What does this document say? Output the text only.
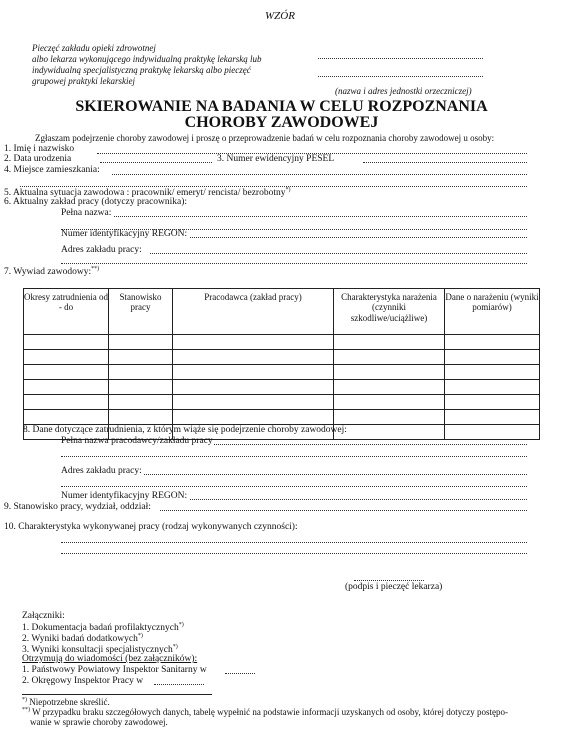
WZÓR
Pieczęć zakładu opieki zdrowotnej
albo lekarza wykonującego indywidualną praktykę lekarską lub
indywidualną specjalistyczną praktykę lekarską albo pieczęć
grupowej praktyki lekarskiej
(nazwa i adres jednostki orzeczniczej)
SKIEROWANIE NA BADANIA W CELU ROZPOZNANIA
CHOROBY ZAWODOWEJ
Zgłaszam podejrzenie choroby zawodowej i proszę o przeprowadzenie badań w celu rozpoznania choroby zawodowej u osoby:
1. Imię i nazwisko
2. Data urodzenia	3. Numer ewidencyjny PESEL
4. Miejsce zamieszkania:
5. Aktualna sytuacja zawodowa : pracownik/ emeryt/ rencista/ bezrobotny*)
6. Aktualny zakład pracy (dotyczy pracownika):
Pełna nazwa:
Numer identyfikacyjny REGON:
Adres zakładu pracy:
7. Wywiad zawodowy:**)
Okresy zatrudnienia od - do	Stanowisko pracy	Pracodawca (zakład pracy)	Charakterystyka narażenia (czynniki szkodliwe/uciążliwe)	Dane o narażeniu (wyniki pomiarów)

8. Dane dotyczące zatrudnienia, z którym wiąże się podejrzenie choroby zawodowej:
Pełna nazwa pracodawcy/zakładu pracy
Adres zakładu pracy:
Numer identyfikacyjny REGON:
9. Stanowisko pracy, wydział, oddział:
10. Charakterystyka wykonywanej pracy (rodzaj wykonywanych czynności):
(podpis i pieczęć lekarza)
Załączniki:
1. Dokumentacja badań profilaktycznych*)
2. Wyniki badań dodatkowych*)
3. Wyniki konsultacji specjalistycznych*)
Otrzymują do wiadomości (bez załączników):
1. Państwowy Powiatowy Inspektor Sanitarny w
2. Okręgowy Inspektor Pracy w
*) Niepotrzebne skreślić.
**) W przypadku braku szczegółowych danych, tabelę wypełnić na podstawie informacji uzyskanych od osoby, której dotyczy postępo-
wanie w sprawie choroby zawodowej.
